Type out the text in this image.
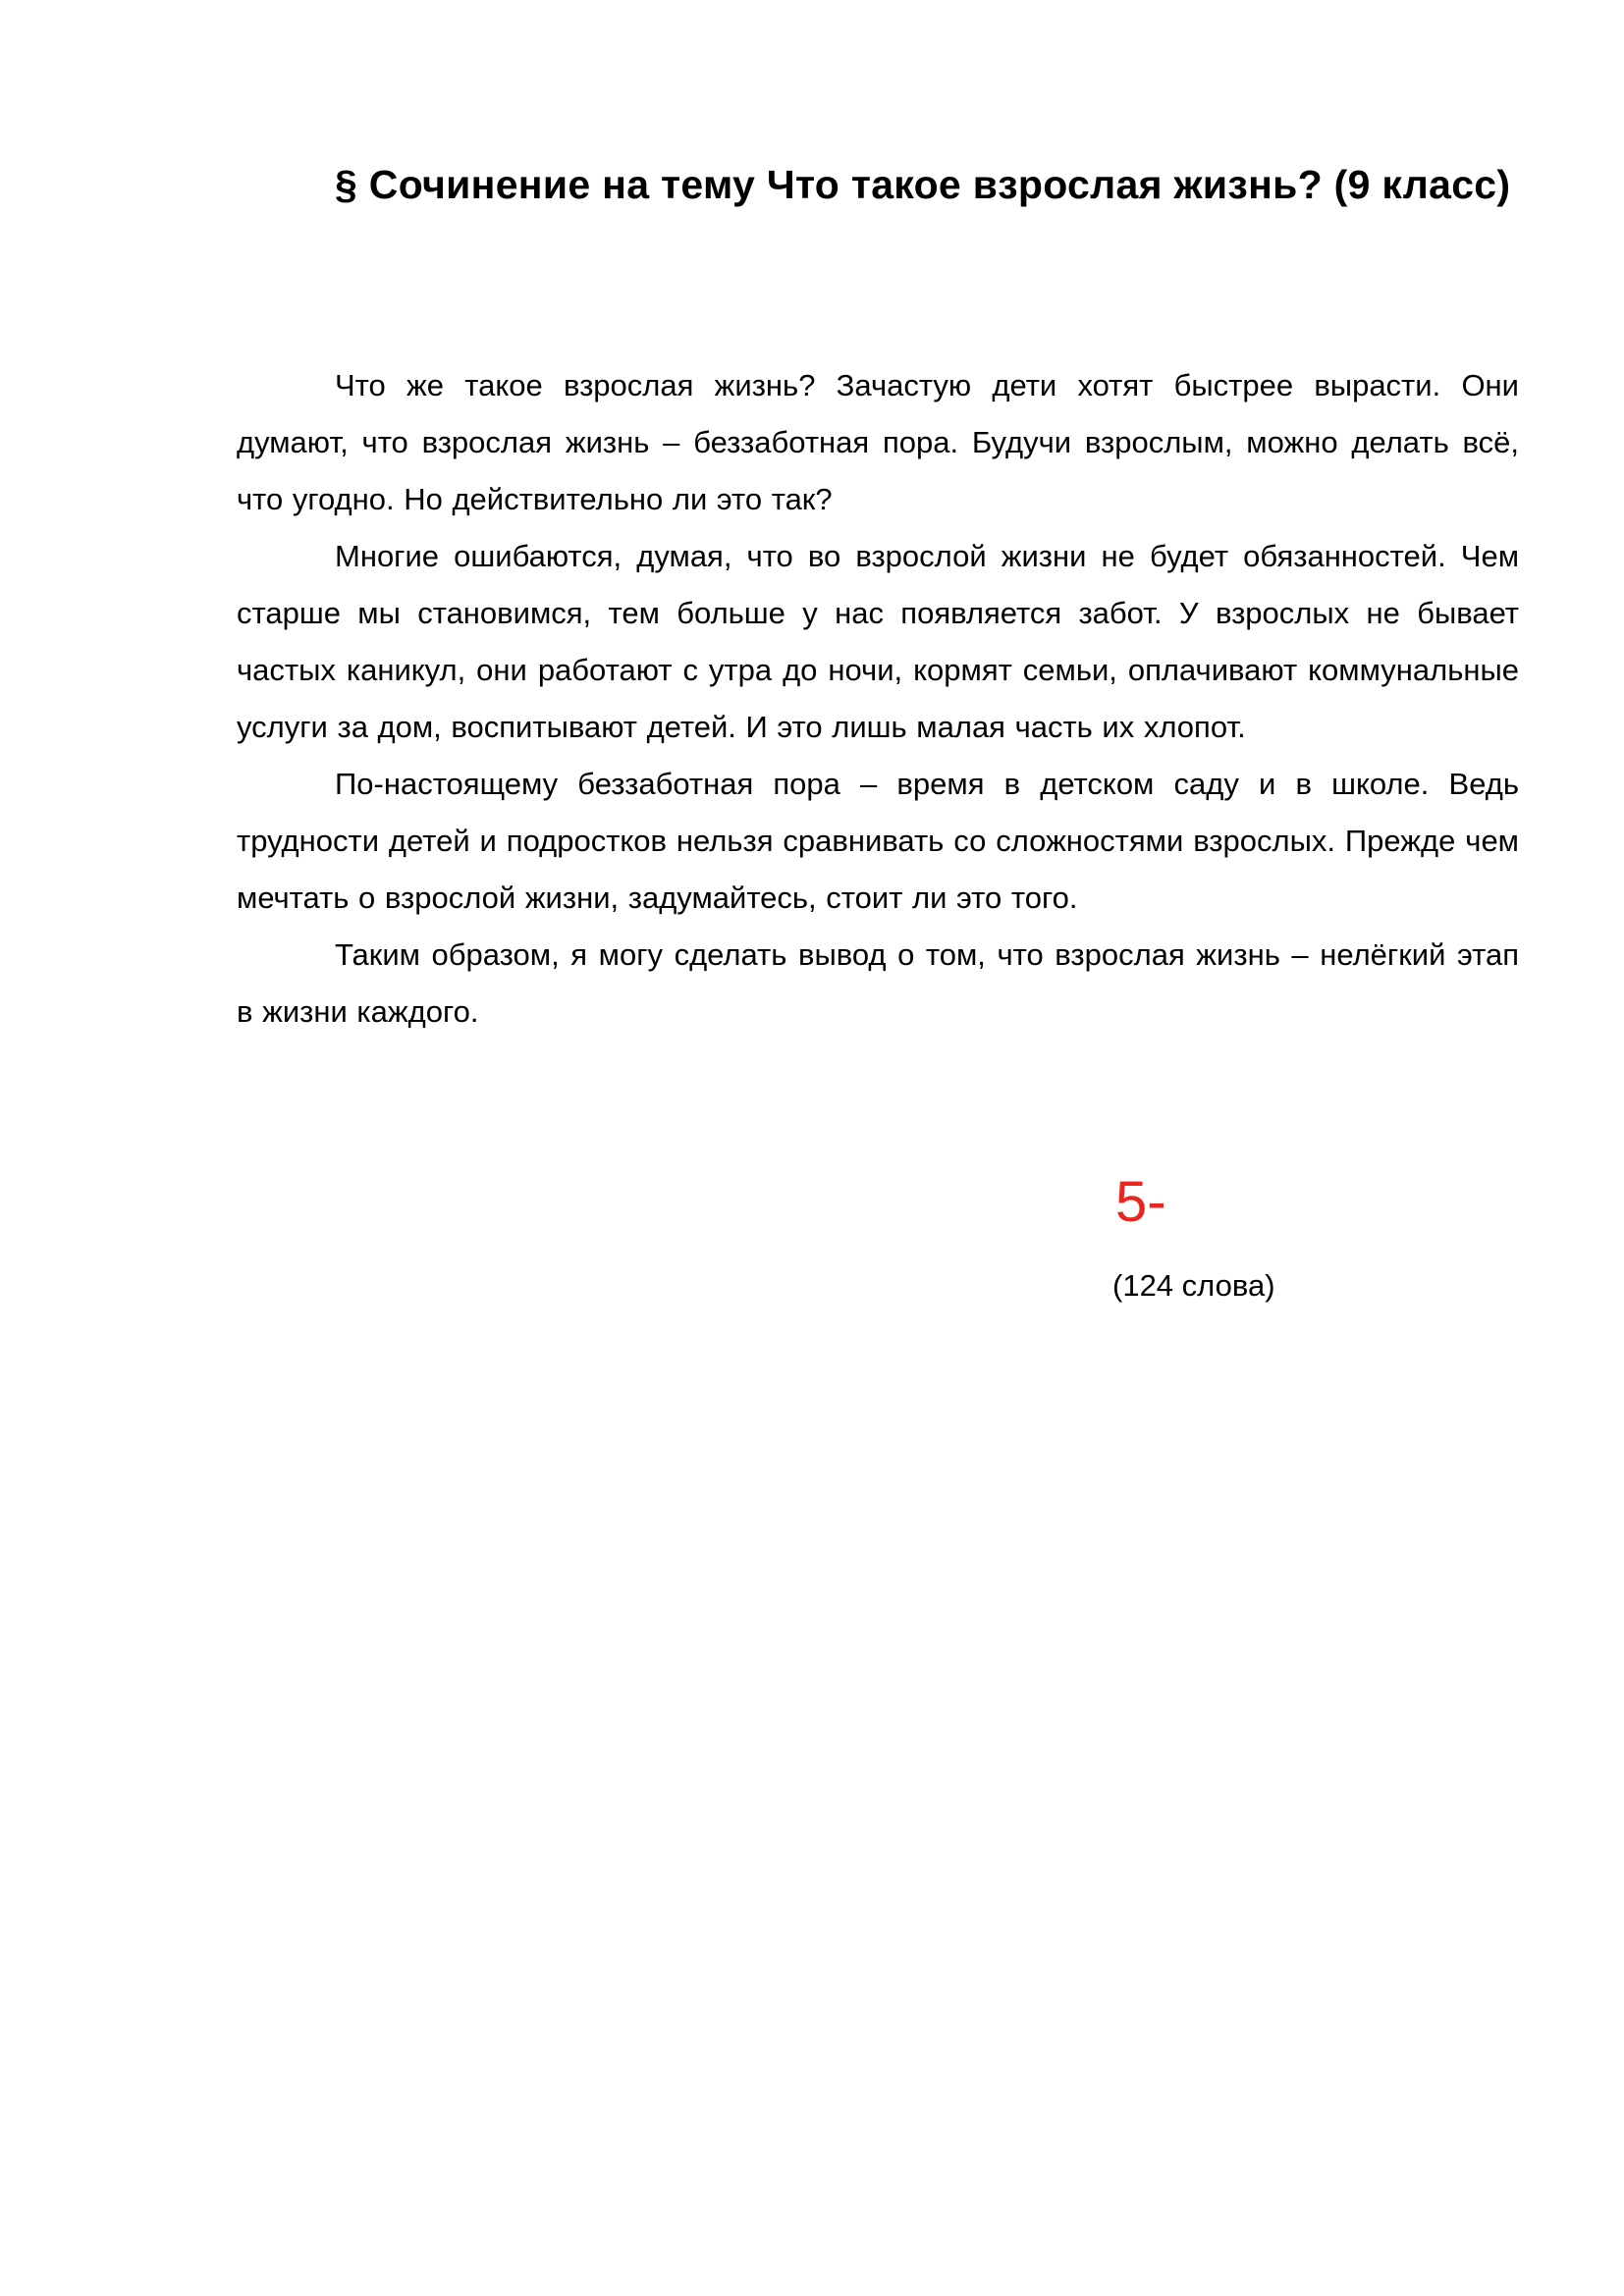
§ Сочинение на тему Что такое взрослая жизнь? (9 класс)

Что же такое взрослая жизнь? Зачастую дети хотят быстрее вырасти. Они думают, что взрослая жизнь – беззаботная пора. Будучи взрослым, можно делать всё, что угодно. Но действительно ли это так?

Многие ошибаются, думая, что во взрослой жизни не будет обязанностей. Чем старше мы становимся, тем больше у нас появляется забот. У взрослых не бывает частых каникул, они работают с утра до ночи, кормят семьи, оплачивают коммунальные услуги за дом, воспитывают детей. И это лишь малая часть их хлопот.

По-настоящему беззаботная пора – время в детском саду и в школе. Ведь трудности детей и подростков нельзя сравнивать со сложностями взрослых. Прежде чем мечтать о взрослой жизни, задумайтесь, стоит ли это того.

Таким образом, я могу сделать вывод о том, что взрослая жизнь – нелёгкий этап в жизни каждого.

5-
(124 слова)
